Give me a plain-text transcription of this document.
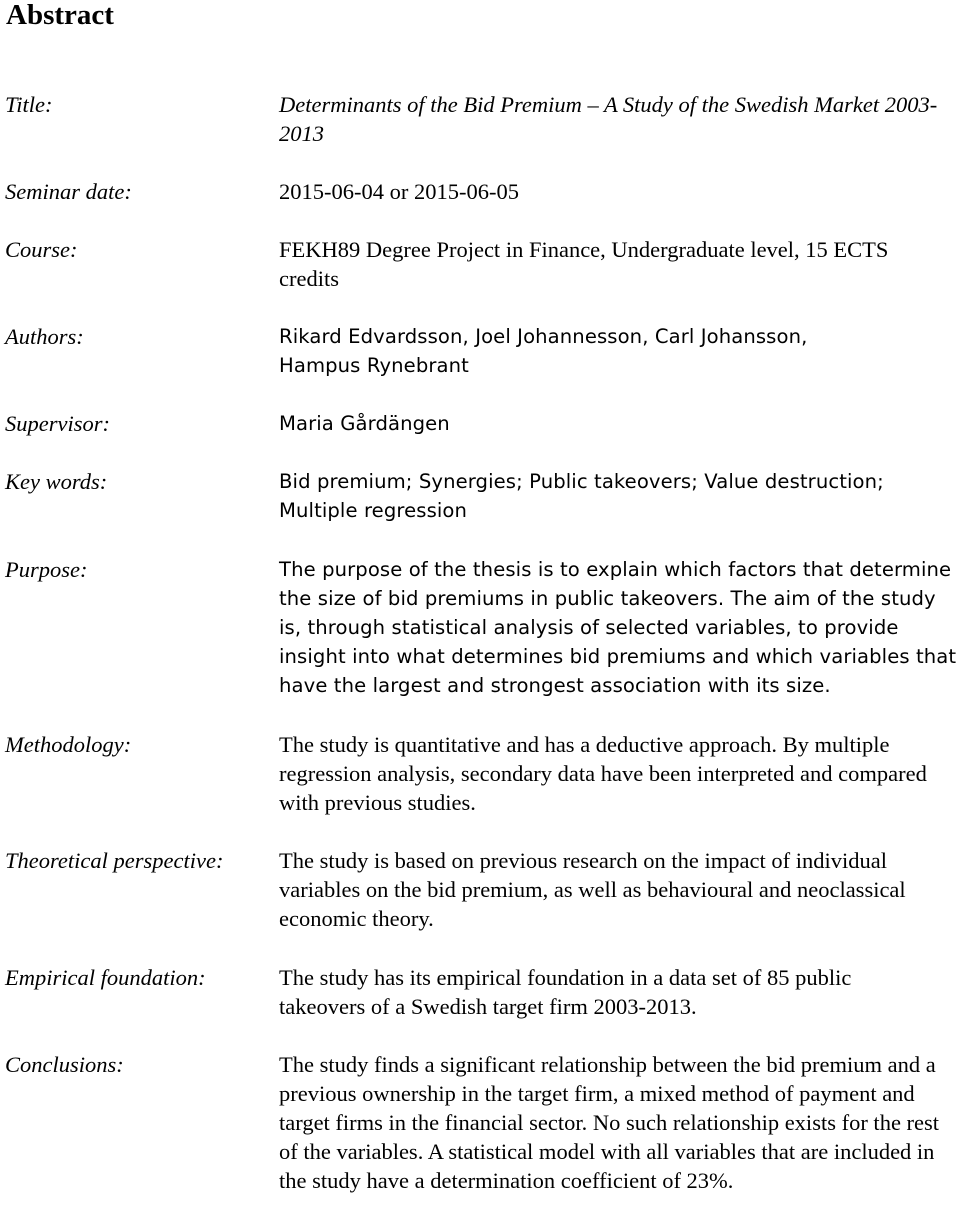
Abstract
Title:	Determinants of the Bid Premium – A Study of the Swedish Market 2003-2013
Seminar date:	2015-06-04 or 2015-06-05
Course:	FEKH89 Degree Project in Finance, Undergraduate level, 15 ECTS credits
Authors:	Rikard Edvardsson, Joel Johannesson, Carl Johansson, Hampus Rynebrant
Supervisor:	Maria Gårdängen
Key words:	Bid premium; Synergies; Public takeovers; Value destruction; Multiple regression
Purpose:	The purpose of the thesis is to explain which factors that determine the size of bid premiums in public takeovers. The aim of the study is, through statistical analysis of selected variables, to provide insight into what determines bid premiums and which variables that have the largest and strongest association with its size.
Methodology:	The study is quantitative and has a deductive approach. By multiple regression analysis, secondary data have been interpreted and compared with previous studies.
Theoretical perspective: The study is based on previous research on the impact of individual variables on the bid premium, as well as behavioural and neoclassical economic theory.
Empirical foundation:	The study has its empirical foundation in a data set of 85 public takeovers of a Swedish target firm 2003-2013.
Conclusions:	The study finds a significant relationship between the bid premium and a previous ownership in the target firm, a mixed method of payment and target firms in the financial sector. No such relationship exists for the rest of the variables. A statistical model with all variables that are included in the study have a determination coefficient of 23%.
